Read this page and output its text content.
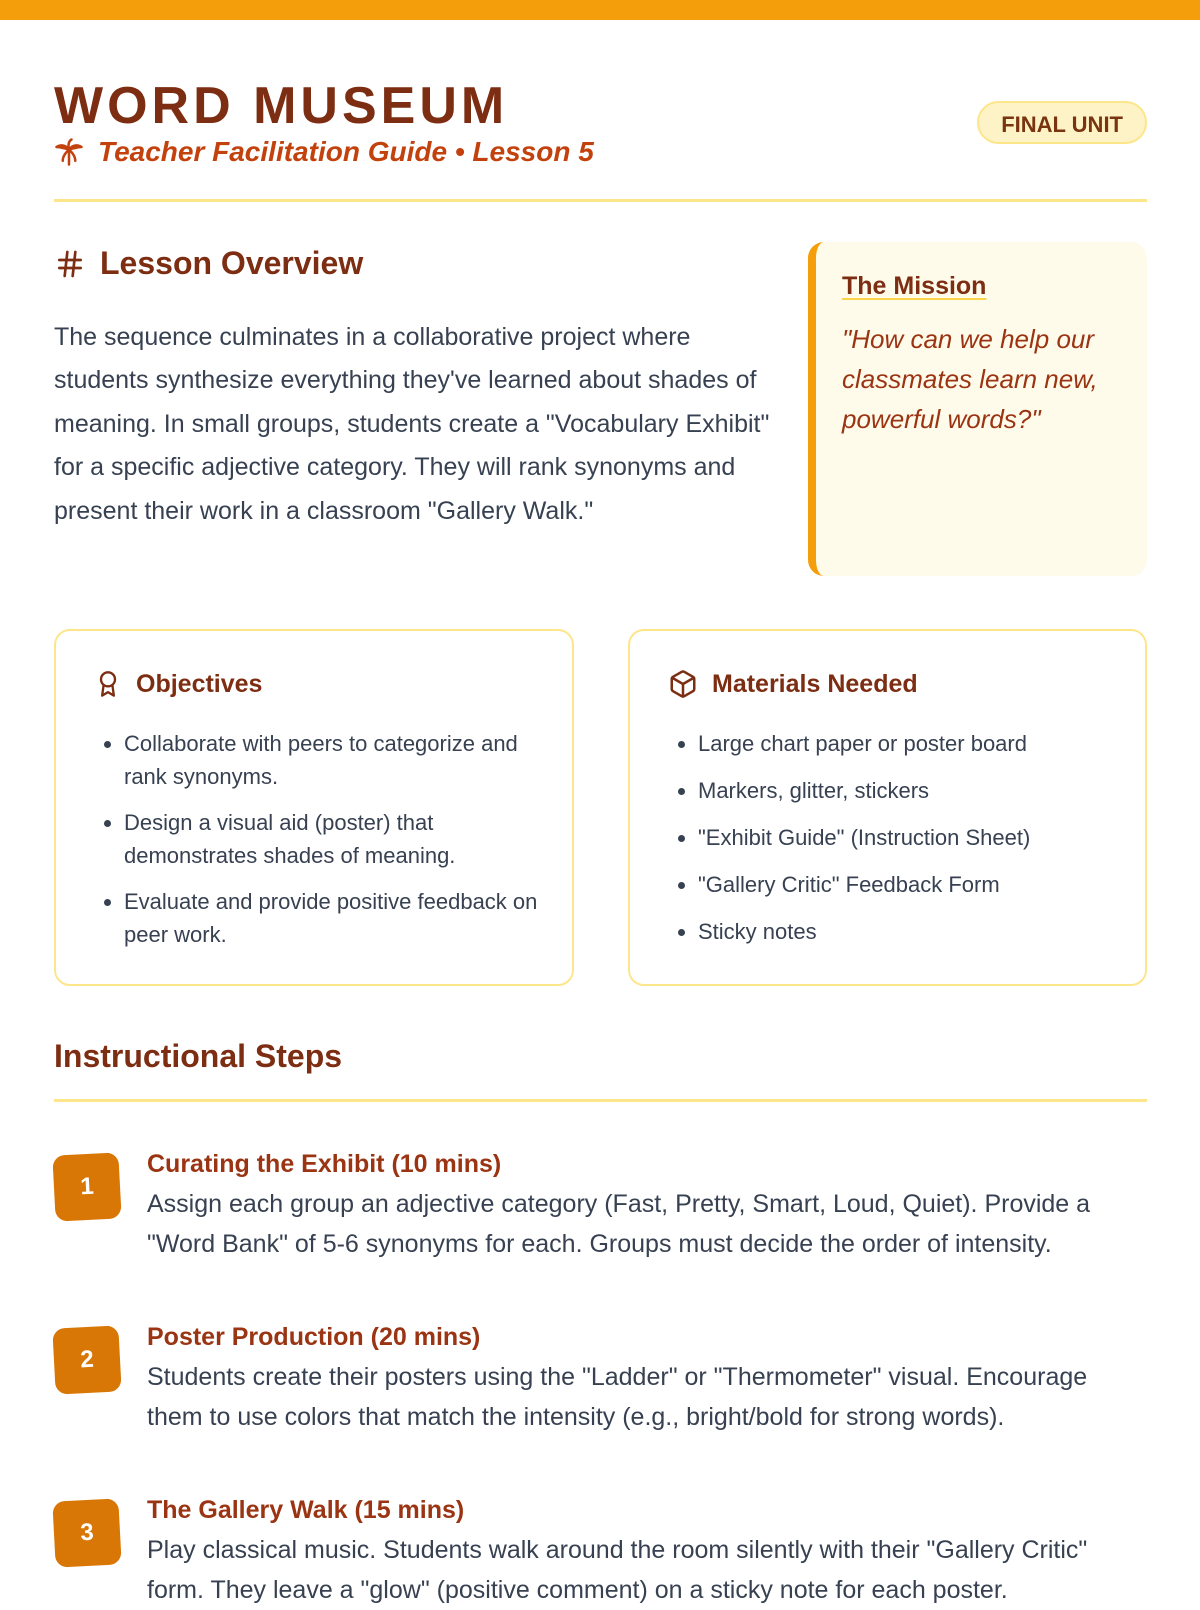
WORD MUSEUM
Teacher Facilitation Guide • Lesson 5
FINAL UNIT
Lesson Overview

The sequence culminates in a collaborative project where students synthesize everything they've learned about shades of meaning. In small groups, students create a "Vocabulary Exhibit" for a specific adjective category. They will rank synonyms and present their work in a classroom "Gallery Walk."

The Mission
"How can we help our classmates learn new, powerful words?"
Objectives
• Collaborate with peers to categorize and rank synonyms.
• Design a visual aid (poster) that demonstrates shades of meaning.
• Evaluate and provide positive feedback on peer work.
Materials Needed
• Large chart paper or poster board
• Markers, glitter, stickers
• "Exhibit Guide" (Instruction Sheet)
• "Gallery Critic" Feedback Form
• Sticky notes
Instructional Steps
1
Curating the Exhibit (10 mins)
Assign each group an adjective category (Fast, Pretty, Smart, Loud, Quiet). Provide a "Word Bank" of 5-6 synonyms for each. Groups must decide the order of intensity.
2
Poster Production (20 mins)
Students create their posters using the "Ladder" or "Thermometer" visual. Encourage them to use colors that match the intensity (e.g., bright/bold for strong words).
3
The Gallery Walk (15 mins)
Play classical music. Students walk around the room silently with their "Gallery Critic" form. They leave a "glow" (positive comment) on a sticky note for each poster.
